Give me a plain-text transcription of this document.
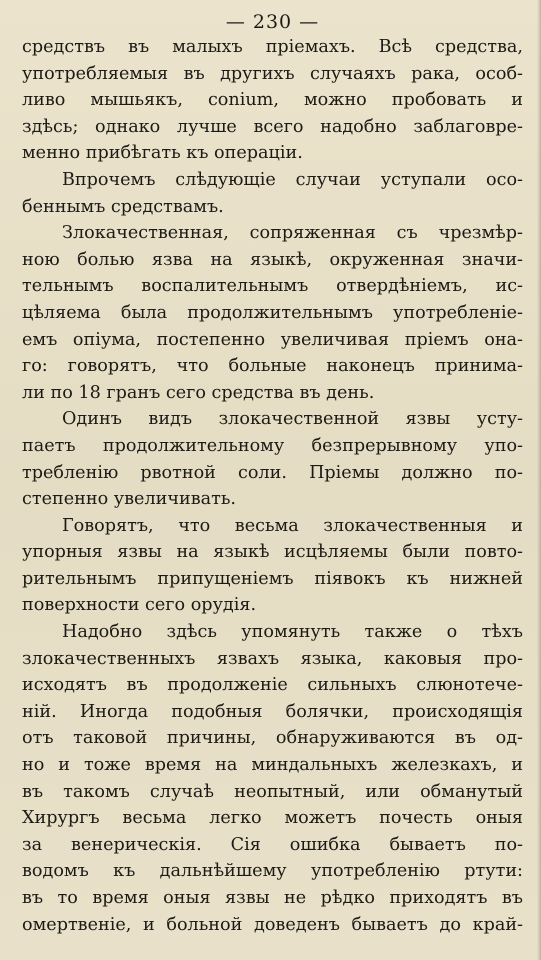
— 230 —
средствъ въ малыхъ пріемахъ. Всѣ средства,
употребляемыя въ другихъ случаяхъ рака, особ-
ливо мышьякъ, conium, можно пробовать и
здѣсь; однако лучше всего надобно заблаговре-
менно прибѣгать къ операціи.
Впрочемъ слѣдующіе случаи уступали осо-
беннымъ средствамъ.
Злокачественная, сопряженная съ чрезмѣр-
ною болью язва на языкѣ, окруженная значи-
тельнымъ воспалительнымъ отвердѣніемъ, ис-
цѣляема была продолжительнымъ употребленіе-
емъ опіума, постепенно увеличивая пріемъ она-
го: говорятъ, что больные наконецъ принима-
ли по 18 гранъ сего средства въ день.
Одинъ видъ злокачественной язвы усту-
паетъ продолжительному безпрерывному упо-
требленію рвотной соли. Пріемы должно по-
степенно увеличивать.
Говорятъ, что весьма злокачественныя и
упорныя язвы на языкѣ исцѣляемы были повто-
рительнымъ припущеніемъ піявокъ къ нижней
поверхности сего орудія.
Надобно здѣсь упомянуть также о тѣхъ
злокачественныхъ язвахъ языка, каковыя про-
исходятъ въ продолженіе сильныхъ слюнотече-
ній. Иногда подобныя болячки, происходящія
отъ таковой причины, обнаруживаются въ од-
но и тоже время на миндальныхъ железкахъ, и
въ такомъ случаѣ неопытный, или обманутый
Хирургъ весьма легко можетъ почесть оныя
за венерическія. Сія ошибка бываетъ по-
водомъ къ дальнѣйшему употребленію ртути:
въ то время оныя язвы не рѣдко приходятъ въ
омертвеніе, и больной доведенъ бываетъ до край-
